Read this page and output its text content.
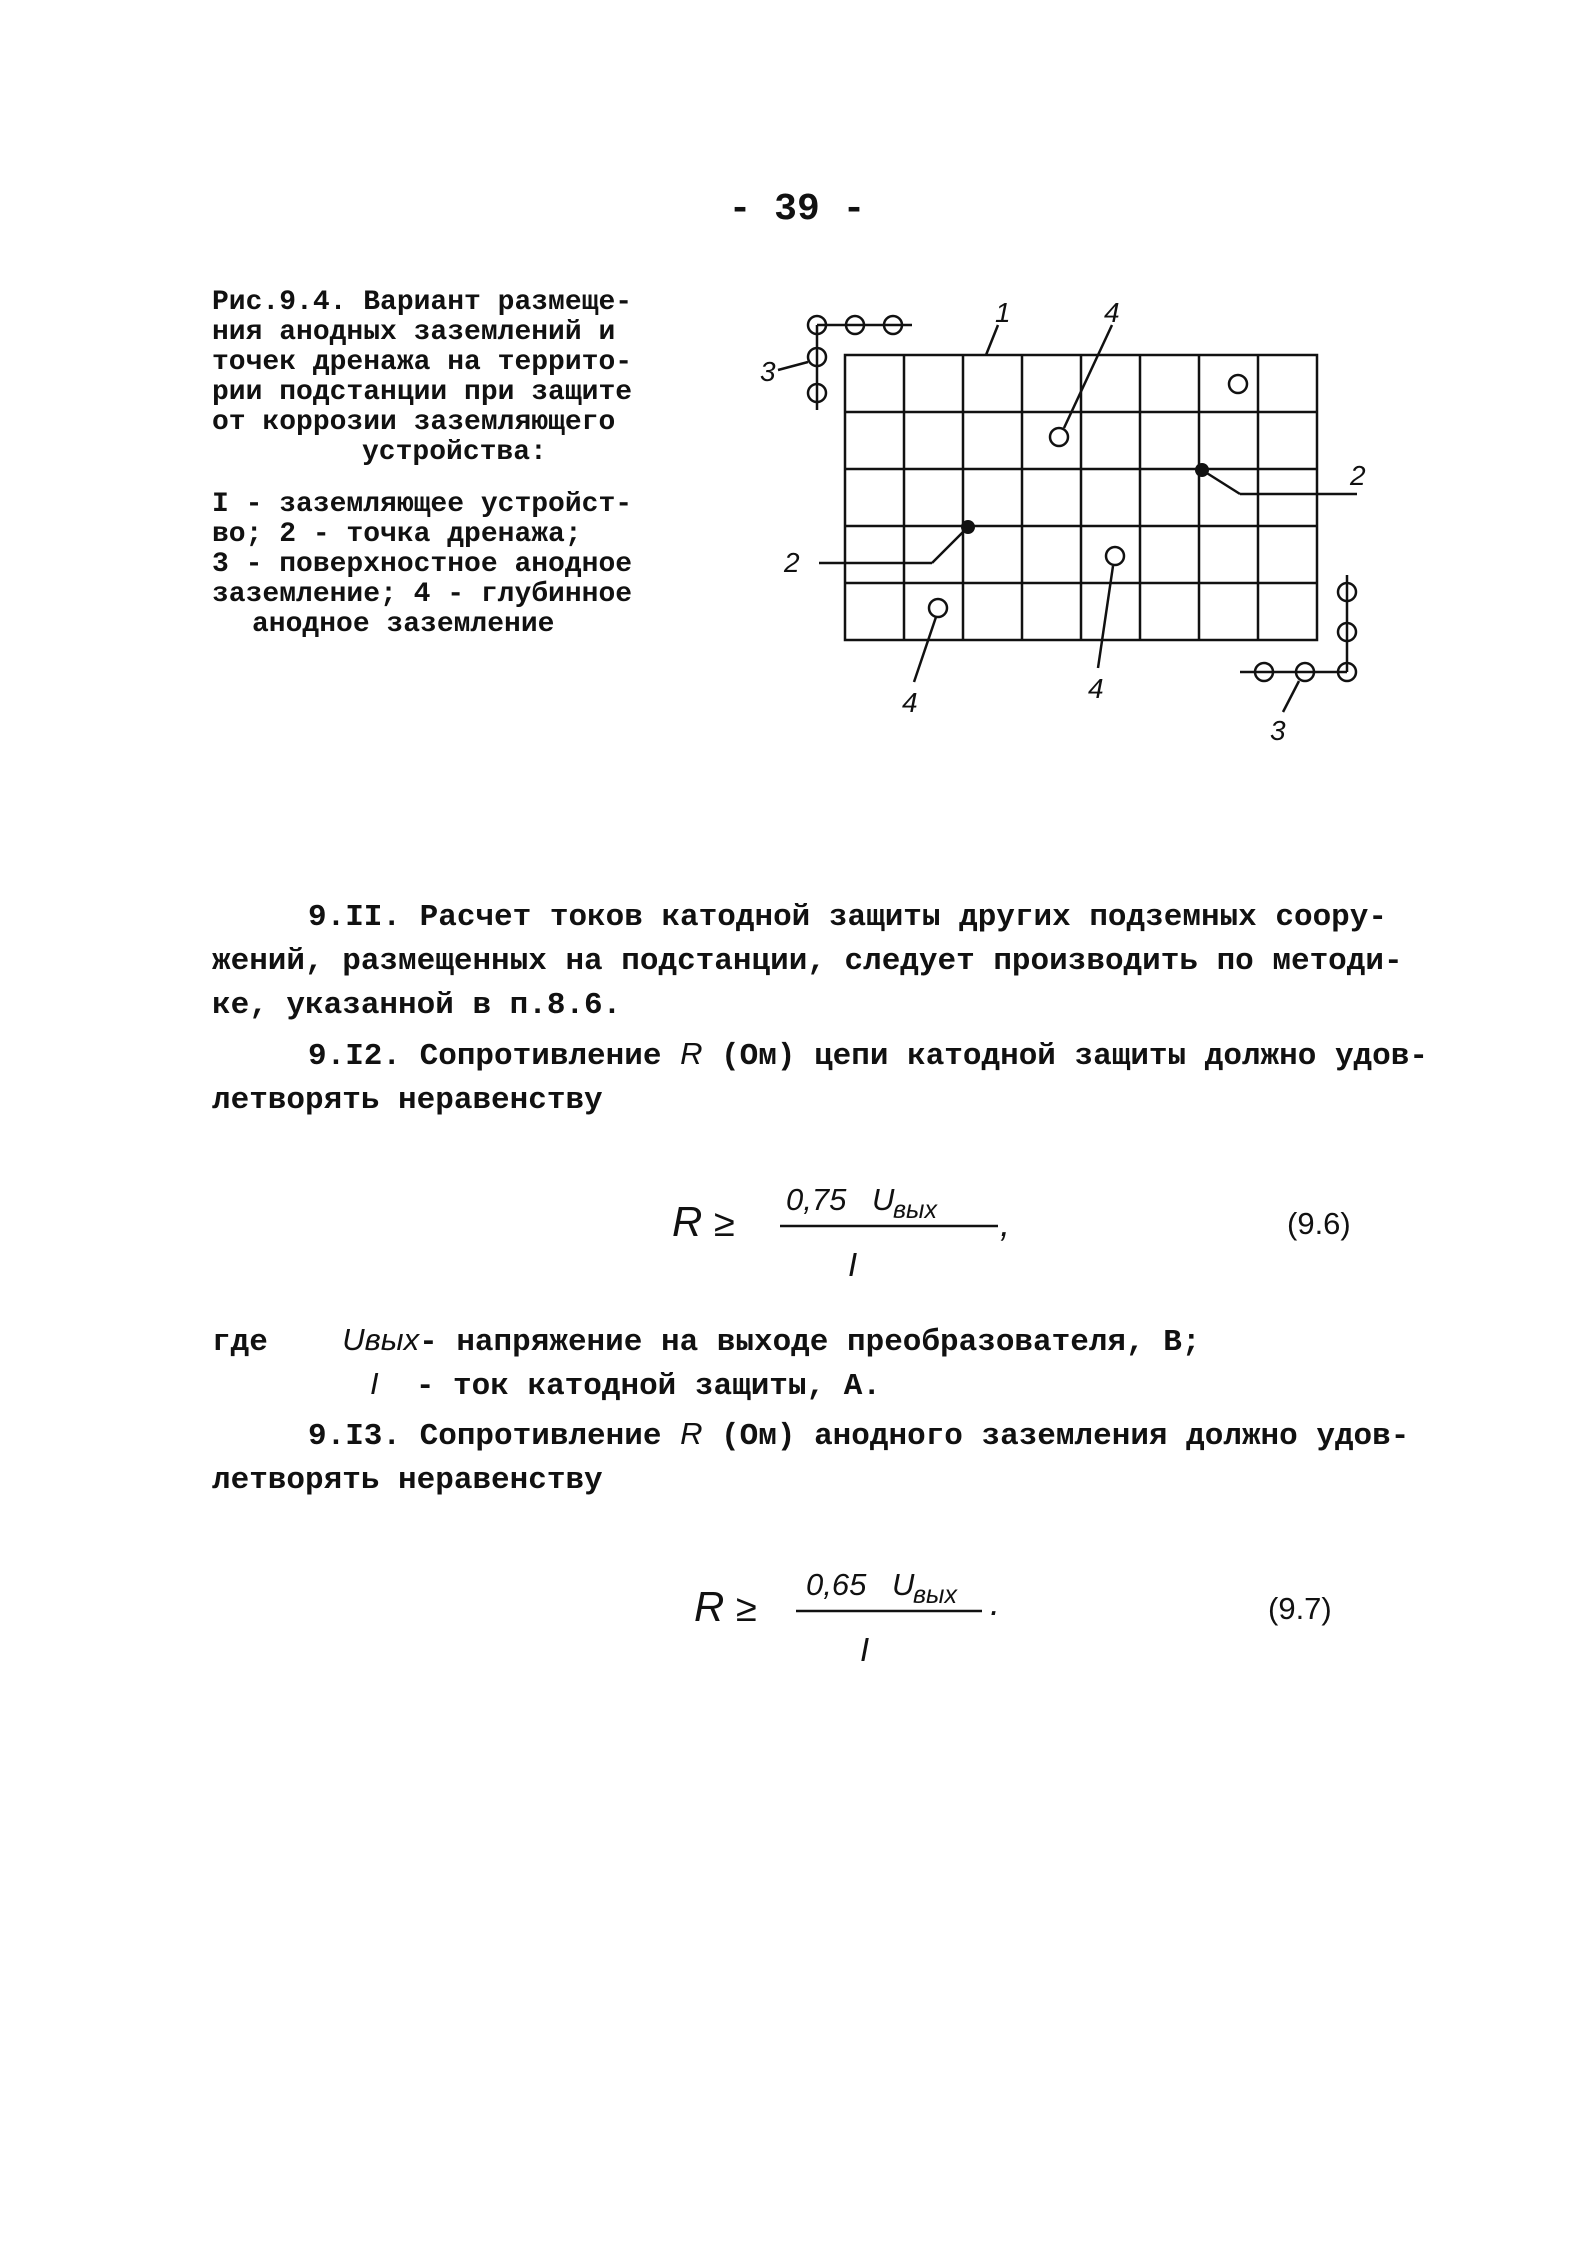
- 39 -
Рис.9.4. Вариант размеще-
ния анодных заземлений и
точек дренажа на террито-
рии подстанции при защите
от коррозии заземляющего
устройства:
I - заземляющее устройст-
во; 2 - точка дренажа;
3 - поверхностное анодное
заземление; 4 - глубинное
анодное заземление
3
1	4
2
2
4
4
3
9.II. Расчет токов катодной защиты других подземных соору-
жений, размещенных на подстанции, следует производить по методи-
ке, указанной в п.8.6.
9.I2. Сопротивление R (Ом) цепи катодной защиты должно удов-
летворять неравенству
R ≥
0,75 U
вых
I
,	(9.6)
где Uвых- напряжение на выходе преобразователя, В;
I - ток катодной защиты, А.
9.I3. Сопротивление R (Ом) анодного заземления должно удов-
летворять неравенству
R ≥
0,65 U
вых
I
.	(9.7)
